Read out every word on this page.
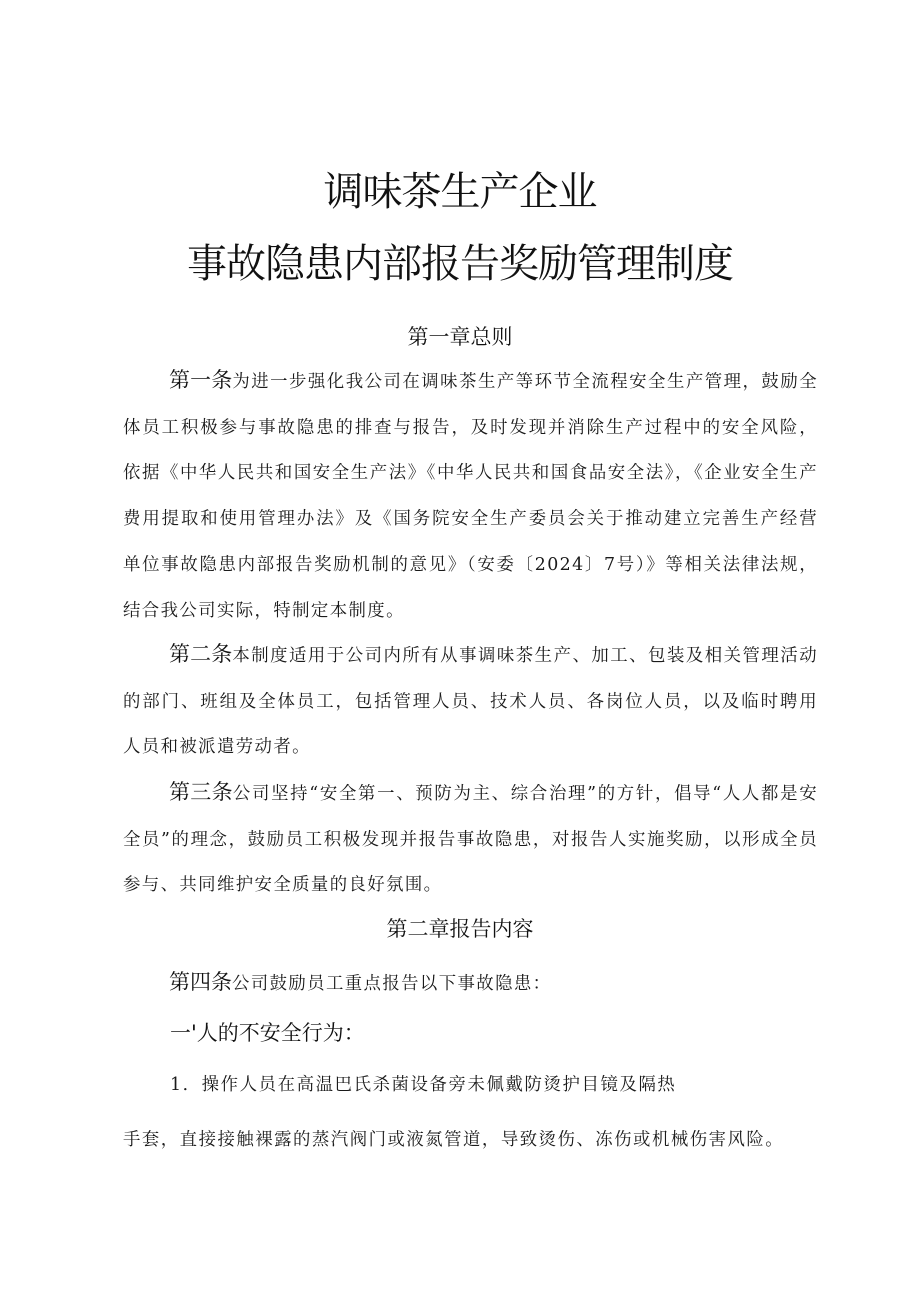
调味茶生产企业
事故隐患内部报告奖励管理制度
第一章总则

第一条为进一步强化我公司在调味茶生产等环节全流程安全生产管理，鼓励全体员工积极参与事故隐患的排查与报告，及时发现并消除生产过程中的安全风险，依据《中华人民共和国安全生产法》《中华人民共和国食品安全法》，《企业安全生产费用提取和使用管理办法》及《国务院安全生产委员会关于推动建立完善生产经营单位事故隐患内部报告奖励机制的意见》（安委〔2024〕7号）》等相关法律法规，结合我公司实际，特制定本制度。

第二条本制度适用于公司内所有从事调味茶生产、加工、包装及相关管理活动的部门、班组及全体员工，包括管理人员、技术人员、各岗位人员，以及临时聘用人员和被派遣劳动者。

第三条公司坚持“安全第一、预防为主、综合治理”的方针，倡导“人人都是安全员”的理念，鼓励员工积极发现并报告事故隐患，对报告人实施奖励，以形成全员参与、共同维护安全质量的良好氛围。

第二章报告内容

第四条公司鼓励员工重点报告以下事故隐患：

一'人的不安全行为：
1．操作人员在高温巴氏杀菌设备旁未佩戴防烫护目镜及隔热
手套，直接接触裸露的蒸汽阀门或液氮管道，导致烫伤、冻伤或机械伤害风险。
